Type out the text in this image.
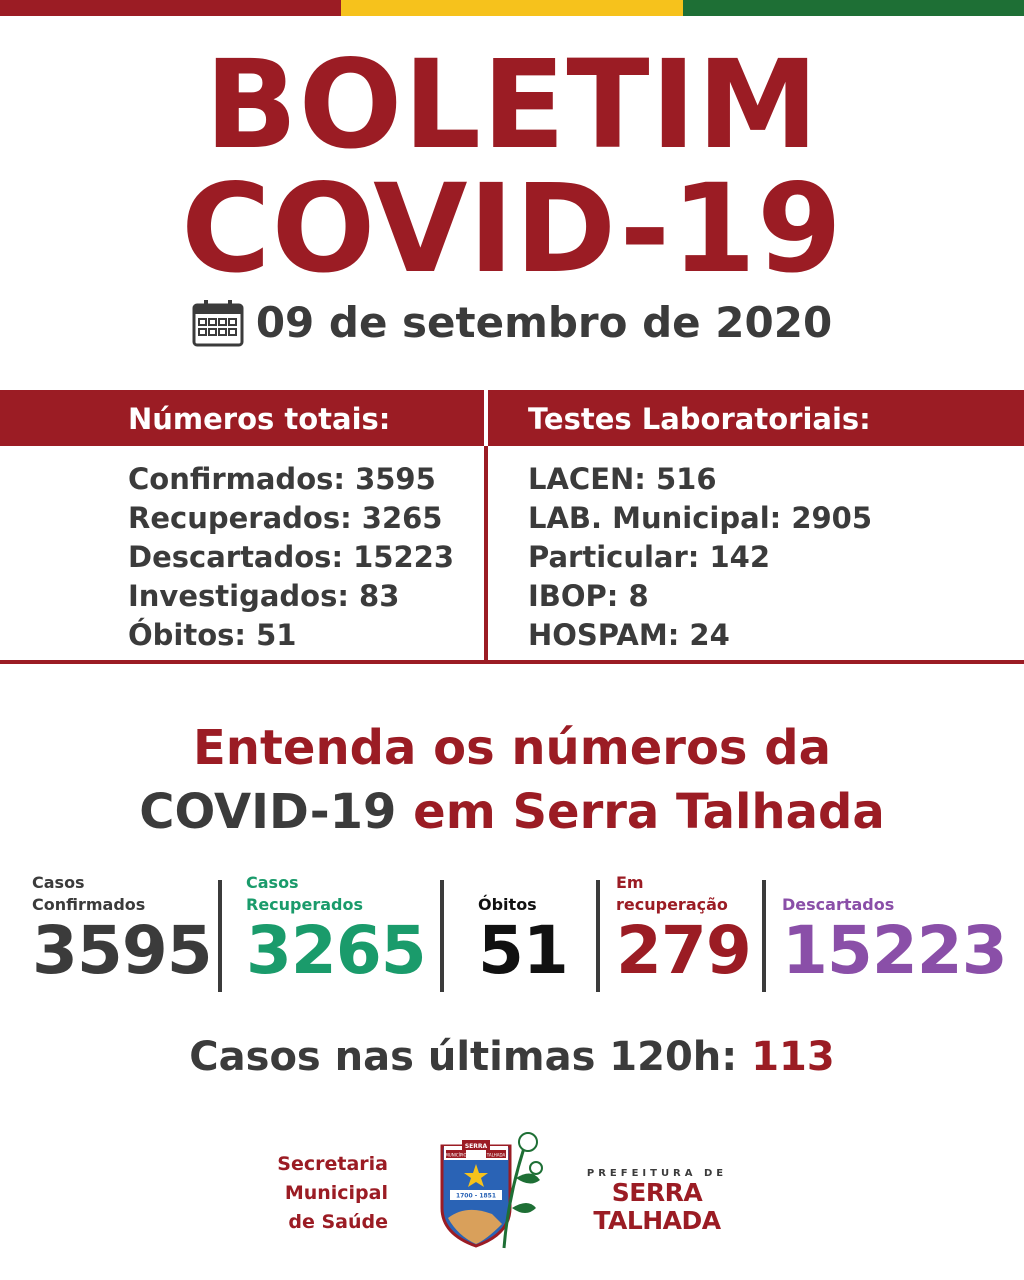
BOLETIM
COVID-19
09 de setembro de 2020
Números totais:	Testes Laboratoriais:
Confirmados: 3595
Recuperados: 3265
Descartados: 15223
Investigados: 83
Óbitos: 51
LACEN: 516
LAB. Municipal: 2905
Particular: 142
IBOP: 8
HOSPAM: 24
Entenda os números da
COVID-19 em Serra Talhada
Casos
Confirmados
3595
Casos
Recuperados
3265
Óbitos
51
Em
recuperação
279
Descartados
15223
Casos nas últimas 120h: 113
Secretaria
Municipal
de Saúde
SERRA
MUNICÍPIO	TALHADA
1700 - 1851
PREFEITURA DE
SERRA TALHADA
